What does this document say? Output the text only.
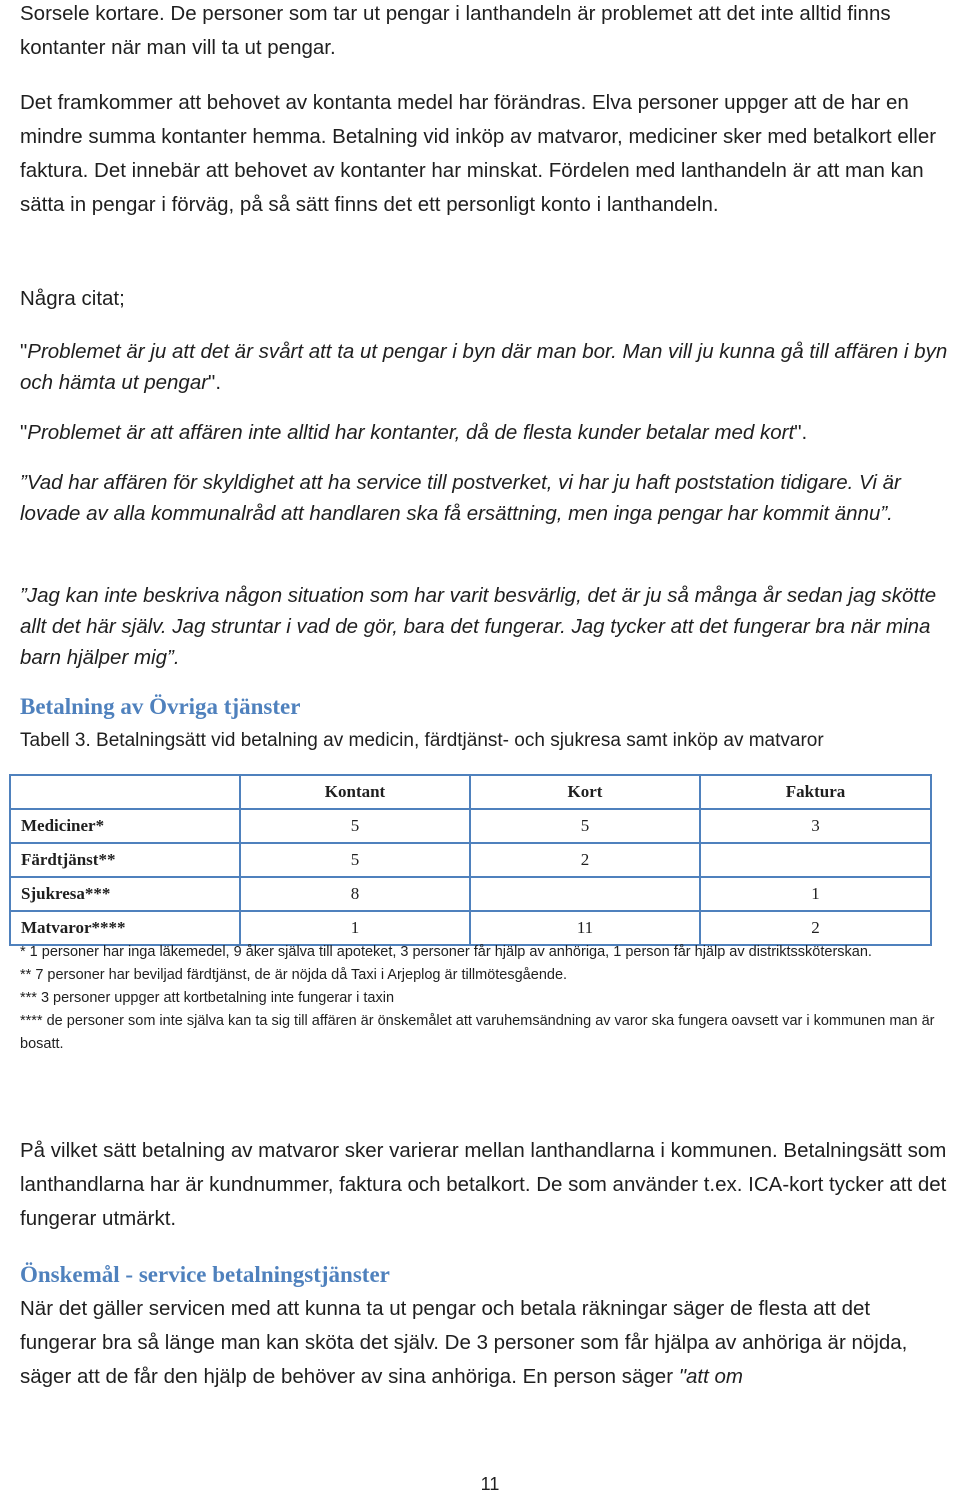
Sorsele kortare. De personer som tar ut pengar i lanthandeln är problemet att det inte alltid finns kontanter när man vill ta ut pengar.

Det framkommer att behovet av kontanta medel har förändras. Elva personer uppger att de har en mindre summa kontanter hemma. Betalning vid inköp av matvaror, mediciner sker med betalkort eller faktura. Det innebär att behovet av kontanter har minskat. Fördelen med lanthandeln är att man kan sätta in pengar i förväg, på så sätt finns det ett personligt konto i lanthandeln.

Några citat;

"Problemet är ju att det är svårt att ta ut pengar i byn där man bor. Man vill ju kunna gå till affären i byn och hämta ut pengar".

"Problemet är att affären inte alltid har kontanter, då de flesta kunder betalar med kort".

”Vad har affären för skyldighet att ha service till postverket, vi har ju haft poststation tidigare. Vi är lovade av alla kommunalråd att handlaren ska få ersättning, men inga pengar har kommit ännu”.

”Jag kan inte beskriva någon situation som har varit besvärlig, det är ju så många år sedan jag skötte allt det här själv. Jag struntar i vad de gör, bara det fungerar. Jag tycker att det fungerar bra när mina barn hjälper mig”.

Betalning av Övriga tjänster

Tabell 3. Betalningsätt vid betalning av medicin, färdtjänst- och sjukresa samt inköp av matvaror

	Kontant	Kort	Faktura
Mediciner*	5	5	3
Färdtjänst**	5	2	
Sjukresa***	8		1
Matvaror****	1	11	2
* 1 personer har inga läkemedel, 9 åker själva till apoteket, 3 personer får hjälp av anhöriga, 1 person får hjälp av distriktssköterskan.
** 7 personer har beviljad färdtjänst, de är nöjda då Taxi i Arjeplog är tillmötesgående.
*** 3 personer uppger att kortbetalning inte fungerar i taxin
**** de personer som inte själva kan ta sig till affären är önskemålet att varuhemsändning av varor ska fungera oavsett var i kommunen man är bosatt.

På vilket sätt betalning av matvaror sker varierar mellan lanthandlarna i kommunen. Betalningsätt som lanthandlarna har är kundnummer, faktura och betalkort. De som använder t.ex. ICA-kort tycker att det fungerar utmärkt.

Önskemål - service betalningstjänster

När det gäller servicen med att kunna ta ut pengar och betala räkningar säger de flesta att det fungerar bra så länge man kan sköta det själv. De 3 personer som får hjälpa av anhöriga är nöjda, säger att de får den hjälp de behöver av sina anhöriga. En person säger "att om

11
